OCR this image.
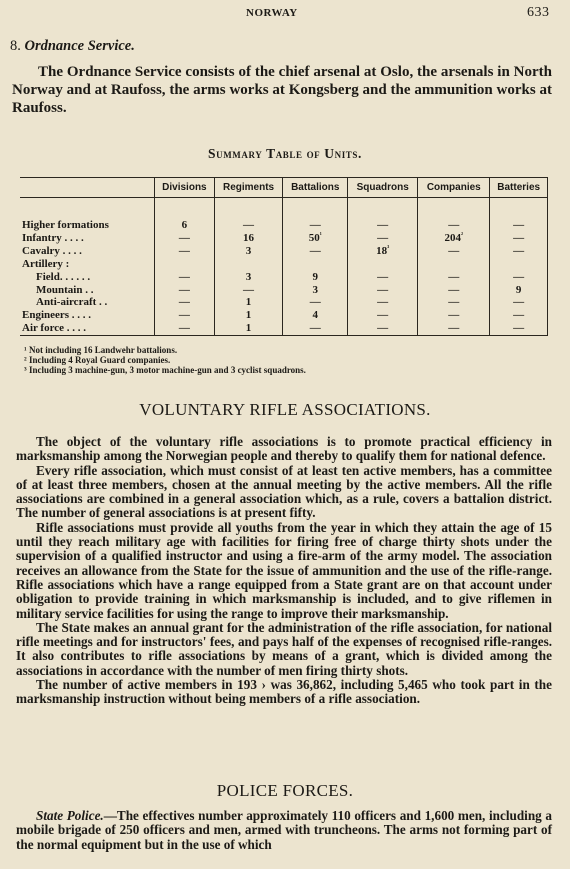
NORWAY	633
8. Ordnance Service.
The Ordnance Service consists of the chief arsenal at Oslo, the arsenals in North Norway and at Raufoss, the arms works at Kongsberg and the ammunition works at Raufoss.
Summary Table of Units.
	Divisions	Regiments	Battalions	Squadrons	Companies	Batteries

Higher formations	6	—	—	—	—	—
Infantry . . . .	—	16	$50^{^1}$	—	$204^{^2}$	—
Cavalry . . . .	—	3	—	$18^{^3}$	—	—
Artillery :						
Field. . . . . .	—	3	9	—	—	—
Mountain . .	—	—	3	—	—	9
Anti-aircraft . .	—	1	—	—	—	—
Engineers . . . .	—	1	4	—	—	—
Air force . . . .	—	1	—	—	—	—
¹ Not including 16 Landwehr battalions.
² Including 4 Royal Guard companies.
³ Including 3 machine-gun, 3 motor machine-gun and 3 cyclist squadrons.
VOLUNTARY RIFLE ASSOCIATIONS.

The object of the voluntary rifle associations is to promote practical efficiency in marksmanship among the Norwegian people and thereby to qualify them for national defence.

Every rifle association, which must consist of at least ten active members, has a committee of at least three members, chosen at the annual meeting by the active members. All the rifle associations are combined in a general association which, as a rule, covers a battalion district. The number of general associations is at present fifty.

Rifle associations must provide all youths from the year in which they attain the age of 15 until they reach military age with facilities for firing free of charge thirty shots under the supervision of a qualified instructor and using a fire-arm of the army model. The association receives an allowance from the State for the issue of ammunition and the use of the rifle-range. Rifle associations which have a range equipped from a State grant are on that account under obligation to provide training in which marksmanship is included, and to give riflemen in military service facilities for using the range to improve their marksmanship.

The State makes an annual grant for the administration of the rifle association, for national rifle meetings and for instructors' fees, and pays half of the expenses of recognised rifle-ranges. It also contributes to rifle associations by means of a grant, which is divided among the associations in accordance with the number of men firing thirty shots.

The number of active members in 193 › was 36,862, including 5,465 who took part in the marksmanship instruction without being members of a rifle association.

POLICE FORCES.

State Police.—The effectives number approximately 110 officers and 1,600 men, including a mobile brigade of 250 officers and men, armed with truncheons. The arms not forming part of the normal equipment but in the use of which
